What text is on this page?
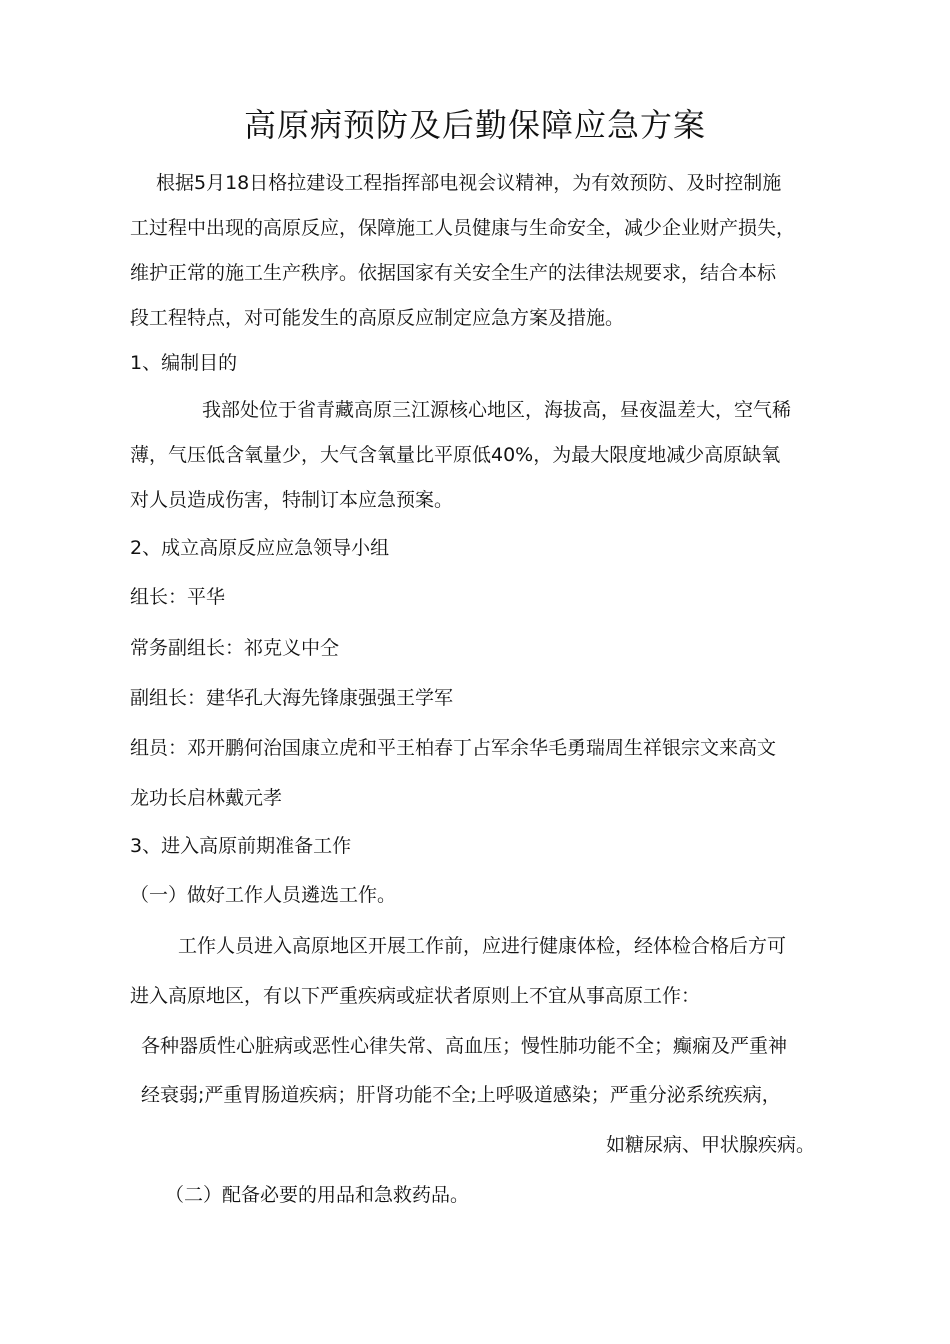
高原病预防及后勤保障应急方案
根据5月18日格拉建设工程指挥部电视会议精神，为有效预防、及时控制施
工过程中出现的高原反应，保障施工人员健康与生命安全，减少企业财产损失，
维护正常的施工生产秩序。依据国家有关安全生产的法律法规要求，结合本标
段工程特点，对可能发生的高原反应制定应急方案及措施。
1、编制目的
我部处位于省青藏高原三江源核心地区，海拔高，昼夜温差大，空气稀
薄，气压低含氧量少，大气含氧量比平原低40%，为最大限度地减少高原缺氧
对人员造成伤害，特制订本应急预案。
2、成立高原反应应急领导小组
组长：平华
常务副组长：祁克义中仝
副组长：建华孔大海先锋康强强王学军
组员：邓开鹏何治国康立虎和平王柏春丁占军余华毛勇瑞周生祥银宗文来高文
龙功长启林戴元孝
3、进入高原前期准备工作
（一）做好工作人员遴选工作。
工作人员进入高原地区开展工作前，应进行健康体检，经体检合格后方可
进入高原地区，有以下严重疾病或症状者原则上不宜从事高原工作：
各种器质性心脏病或恶性心律失常、高血压；慢性肺功能不全；癫痫及严重神
经衰弱;严重胃肠道疾病；肝肾功能不全;上呼吸道感染；严重分泌系统疾病，
如糖尿病、甲状腺疾病。
（二）配备必要的用品和急救药品。
